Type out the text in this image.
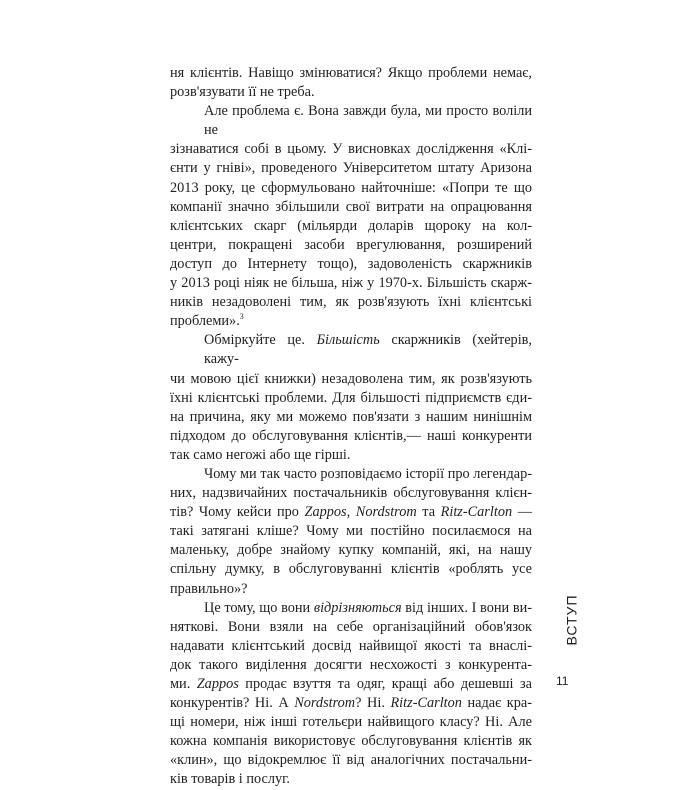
ня клієнтів. Навіщо змінюватися? Якщо проблеми немає,
розв'язувати її не треба.

Але проблема є. Вона завжди була, ми просто воліли не
зізнаватися собі в цьому. У висновках дослідження «Клі-
єнти у гніві», проведеного Університетом штату Аризона
2013 року, це сформульовано найточніше: «Попри те що
компанії значно збільшили свої витрати на опрацювання
клієнтських скарг (мільярди доларів щороку на кол-
центри, покращені засоби врегулювання, розширений
доступ до Інтернету тощо), задоволеність скаржників
у 2013 році ніяк не більша, ніж у 1970-х. Більшість скарж-
ників незадоволені тим, як розв'язують їхні клієнтські
проблеми».$^3$

Обміркуйте це. Більшість скаржників (хейтерів, кажу-
чи мовою цієї книжки) незадоволена тим, як розв'язують
їхні клієнтські проблеми. Для більшості підприємств єди-
на причина, яку ми можемо пов'язати з нашим нинішнім
підходом до обслуговування клієнтів,— наші конкуренти
так само негожі або ще гірші.

Чому ми так часто розповідаємо історії про легендар-
них, надзвичайних постачальників обслуговування клієн-
тів? Чому кейси про Zappos, Nordstrom та Ritz-Carlton —
такі затягані кліше? Чому ми постійно посилаємося на
маленьку, добре знайому купку компаній, які, на нашу
спільну думку, в обслуговуванні клієнтів «роблять усе
правильно»?

Це тому, що вони відрізняються від інших. І вони ви-
няткові. Вони взяли на себе організаційний обов'язок
надавати клієнтський досвід найвищої якості та внаслі-
док такого виділення досягти несхожості з конкурента-
ми. Zappos продає взуття та одяг, кращі або дешевші за
конкурентів? Ні. А Nordstrom? Ні. Ritz-Carlton надає кра-
щі номери, ніж інші готельєри найвищого класу? Ні. Але
кожна компанія використовує обслуговування клієнтів як
«клин», що відокремлює її від аналогічних постачальни-
ків товарів і послуг.

ВСТУП
11
